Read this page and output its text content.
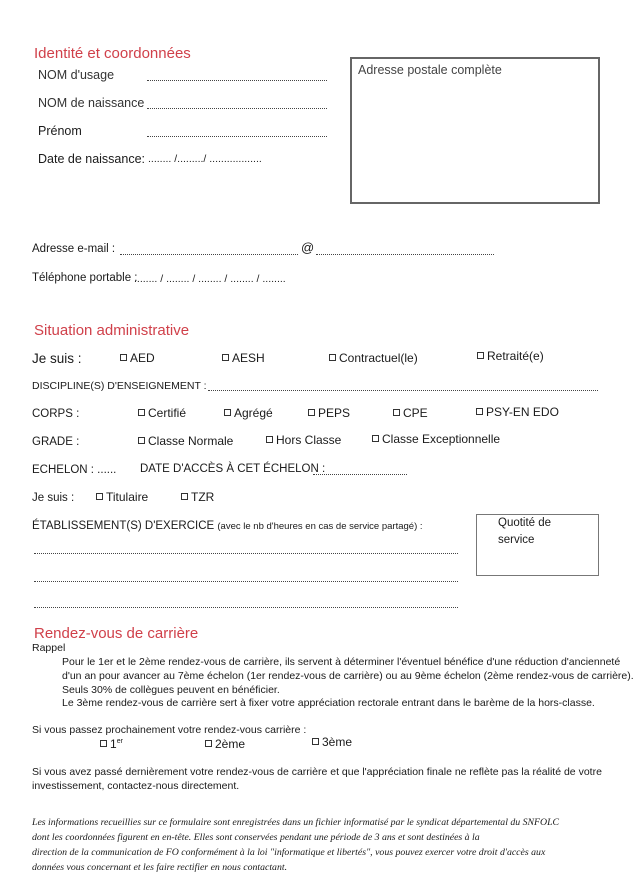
Identité et coordonnées
NOM d'usage
NOM de naissance
Prénom
Date de naissance: ........ /........./ ..................
Adresse postale complète
Adresse e-mail :	@
Téléphone portable :
........ / ........ / ........ / ........ / ........
Situation administrative
Je suis :	AED	AESH	Contractuel(le)	Retraité(e)
DISCIPLINE(S) D'ENSEIGNEMENT :
CORPS :	Certifié	Agrégé	PEPS	CPE	PSY-EN EDO
GRADE :	Classe Normale	Hors Classe	Classe Exceptionnelle
ECHELON : ...... DATE D'ACCÈS À CET ÉCHELON :
Je suis :	Titulaire	TZR
ÉTABLISSEMENT(S) D'EXERCICE (avec le nb d'heures en cas de service partagé) :	Quotité de
service
Rendez-vous de carrière
Rappel
Pour le 1er et le 2ème rendez-vous de carrière, ils servent à déterminer l'éventuel bénéfice d'une réduction d'ancienneté
d'un an pour avancer au 7ème échelon (1er rendez-vous de carrière) ou au 9ème échelon (2ème rendez-vous de carrière).
Seuls 30% de collègues peuvent en bénéficier.
Le 3ème rendez-vous de carrière sert à fixer votre appréciation rectorale entrant dans le barème de la hors-classe.
Si vous passez prochainement votre rendez-vous carrière :
1er	2ème	3ème
Si vous avez passé dernièrement votre rendez-vous de carrière et que l'appréciation finale ne reflète pas la réalité de votre
investissement, contactez-nous directement.
Les informations recueillies sur ce formulaire sont enregistrées dans un fichier informatisé par le syndicat départemental du SNFOLC
dont les coordonnées figurent en en-tête. Elles sont conservées pendant une période de 3 ans et sont destinées à la
direction de la communication de FO conformément à la loi "informatique et libertés", vous pouvez exercer votre droit d'accès aux
données vous concernant et les faire rectifier en nous contactant.
